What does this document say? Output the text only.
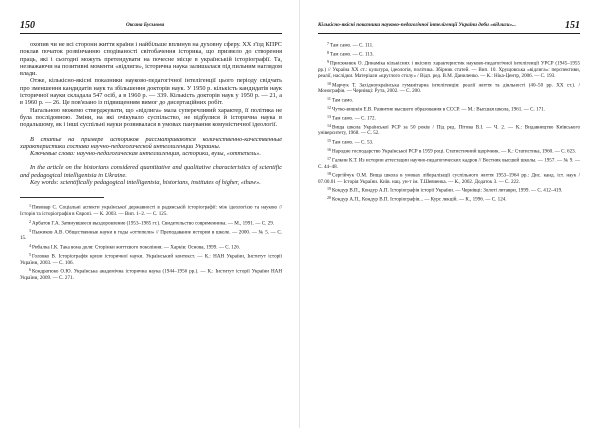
150	Оксана Бусьнова

охопив чи не всі сторони життя країни і найбільше вплинув на духовну сферу. ХХ з'їзд КПРС поклав початок розвінчанню сподіваності світобачення історика, що призвело до створення праць, які і сьогодні можуть претендувати на почесне місце в українській історіографії. Та, незважаючи на позитивні моменти «відлиги», історична наука залишалася під пильним наглядом влади.

Отже, кількісно-якісні показники науково-педагогічної інтелігенції цього періоду свідчать про зменшення кандидатів наук та збільшення докторів наук. У 1950 р. кількість кандидатів наук історичної науки складала 547 осіб, а в 1960 р. — 339. Кількість докторів наук у 1950 р. — 21, а в 1960 р. — 26. Це пов'язано із підвищенням вимог до дисертаційних робіт.

Нагальною можемо стверджувати, що «відлига» мала суперечливий характер, її політика не була послідовною. Зміни, на які очікувало суспільство, не відбулися й історична наука в подальшому, як і інші суспільні науки розвивалася в умовах панування комуністичної ідеології.

В статье на примере историков рассматриваются количественно-качественные характеристики состава научно-педагогической интеллигенции Украины.

Ключевые слова: научно-педагогическая интеллигенция, историки, вузы, «оттепель».

In the article on the historians considered quantitative and qualitative characteristics of scientific and pedagogical intelligentsia in Ukraine.

Key words: scientifically pedagogical intelligentsia, historians, institutes of higher, «thaw».

$^1$Пивовар С. Соціальні аспекти української державності в радянській історіографії: між ідеологією та наукою // Історія та історіографія в Європі. — К. 2003. — Вип. 1–2. — С. 125.

$^2$Арбатов Г.А. Затянувшееся выздоровление (1953–1985 гг.). Свидетельство современника. — М., 1991. — С. 29.

$^3$Пыжиков А.В. Общественные науки в годы «оттепели» // Преподавание истории в школе. — 2000. — № 5. — С. 15.

$^4$Рибалка І.К. Така вона доля: Сторінки життєвого покоління. — Харків: Основа, 1999. — С. 126.

$^5$Головко В. Історіографія кризи історичної науки. Український контекст. — К.: НАН України, Інститут історії України, 2003. — С. 106.

$^6$Кондратюко О.Ю. Українська академічна історична наука (1944–1956 рр.). — К.: Інститут історії України НАН України, 2009. — С. 271.

Кількісно-якісні показники науково-педагогічної інтелігенції України доби «відлиги»...	151

$^7$Там само. — С. 111.

$^8$Там само. — С. 113.

$^9$Присяжнюк О. Динаміка кількісних і якісних характеристик науково-педагогічної інтелігенції УРСР (1945–1955 рр.) // Україна XX ст.: культура, ідеологія, політика. Збірник статей. — Вип. 10. Хрущовська «відлига»: перспективи, реалії, наслідки. Матеріали «круглого столу» / Відп. ред. В.М. Даниленко. — К.: Ніка-Центр, 2006. — С. 193.

$^{10}$Марчук Т. Західноукраїнська гуманітарна інтелігенція: реалії життя та діяльності (40–50 рр. XX ст.). / Монографія. — Чернівці: Рута, 2002. — С. 200.

$^{11}$Там само.

$^{12}$Чутко-вишкін Е.В. Развитие высшего образования в СССР. — М.: Высшая школа, 1961. — С. 171.

$^{13}$Там само. — С. 172.

$^{14}$Вища школа Української РСР за 50 років / Під ред. Пітова В.І. — Ч. 2. — К.: Видавництво Київського університету, 1968. — С. 52.

$^{15}$Там само. — С. 53.

$^{16}$Народне господарство Української РСР в 1959 році. Статистичний щорічник. — К.: Статистика, 1960. — С. 623.

$^{17}$Галкин К.Т. Из истории аттестации научно-педагогических кадров // Вестник высшей школы. — 1957. — № 9. — С. 44–48.

$^{18}$Сергійчук О.М. Вища школа в умовах лібералізації суспільного життя 1953–1964 рр.: Дис. канд. іст. наук / 07.00.01 — Історія України. Київ. нац. ун-т ім. Т.Шевченка. — К., 2002. Додаток 3. — С. 222.

$^{19}$Кондур В.П., Кондур А.П. Історіографія історії України. — Чернівці: Золоті литаври, 1999. — С. 412–419.

$^{20}$Кондур А.П., Кондур В.П. Історіографія... — Курс лекцій. — К., 1996. — С. 124.
